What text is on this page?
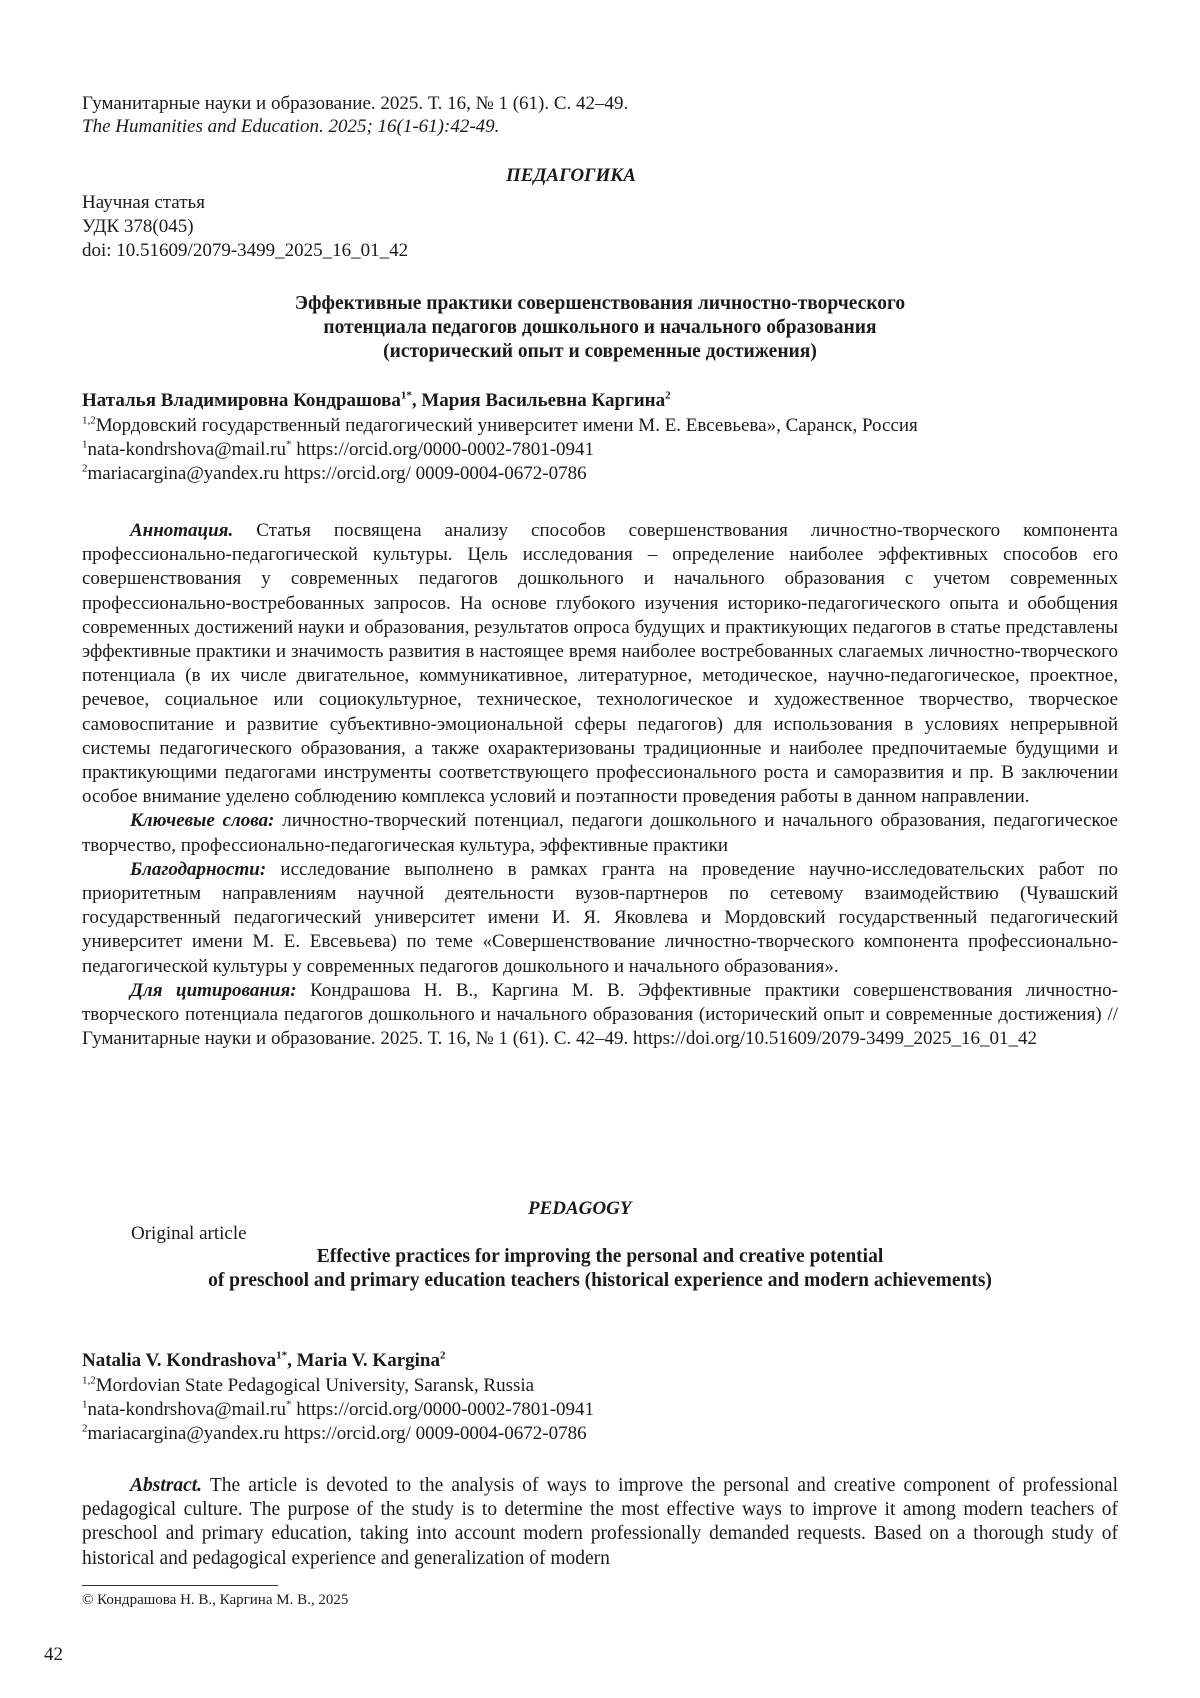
Гуманитарные науки и образование. 2025. Т. 16, № 1 (61). С. 42–49.
The Humanities and Education. 2025; 16(1-61):42-49.
ПЕДАГОГИКА
Научная статья
УДК 378(045)
doi: 10.51609/2079-3499_2025_16_01_42

Эффективные практики совершенствования личностно-творческого

потенциала педагогов дошкольного и начального образования

(исторический опыт и современные достижения)

Наталья Владимировна Кондрашова$^{1*}$, Мария Васильевна Каргина$^2$
$^{1,2}$Мордовский государственный педагогический университет имени М. Е. Евсевьева», Саранск, Россия
$^1$nata-kondrshova@mail.ru* https://orcid.org/0000-0002-7801-0941
$^2$mariacargina@yandex.ru https://orcid.org/ 0009-0004-0672-0786

Аннотация. Статья посвящена анализу способов совершенствования личностно-творческого компонента профессионально-педагогической культуры. Цель исследования – определение наиболее эффективных способов его совершенствования у современных педагогов дошкольного и начального образования с учетом современных профессионально-востребованных запросов. На основе глубокого изучения историко-педагогического опыта и обобщения современных достижений науки и образования, результатов опроса будущих и практикующих педагогов в статье представлены эффективные практики и значимость развития в настоящее время наиболее востребованных слагаемых личностно-творческого потенциала (в их числе двигательное, коммуникативное, литературное, методическое, научно-педагогическое, проектное, речевое, социальное или социокультурное, техническое, технологическое и художественное творчество, творческое самовоспитание и развитие субъективно-эмоциональной сферы педагогов) для использования в условиях непрерывной системы педагогического образования, а также охарактеризованы традиционные и наиболее предпочитаемые будущими и практикующими педагогами инструменты соответствующего профессионального роста и саморазвития и пр. В заключении особое внимание уделено соблюдению комплекса условий и поэтапности проведения работы в данном направлении.

Ключевые слова: личностно-творческий потенциал, педагоги дошкольного и начального образования, педагогическое творчество, профессионально-педагогическая культура, эффективные практики

Благодарности: исследование выполнено в рамках гранта на проведение научно-исследовательских работ по приоритетным направлениям научной деятельности вузов-партнеров по сетевому взаимодействию (Чувашский государственный педагогический университет имени И. Я. Яковлева и Мордовский государственный педагогический университет имени М. Е. Евсевьева) по теме «Совершенствование личностно-творческого компонента профессионально-педагогической культуры у современных педагогов дошкольного и начального образования».

Для цитирования: Кондрашова Н. В., Каргина М. В. Эффективные практики совершенствования личностно-творческого потенциала педагогов дошкольного и начального образования (исторический опыт и современные достижения) // Гуманитарные науки и образование. 2025. Т. 16, № 1 (61). С. 42–49. https://doi.org/10.51609/2079-3499_2025_16_01_42

PEDAGOGY
Original article

Effective practices for improving the personal and creative potential

of preschool and primary education teachers (historical experience and modern achievements)

Natalia V. Kondrashova$^{1*}$, Maria V. Kargina$^2$
$^{1,2}$Mordovian State Pedagogical University, Saransk, Russia
$^1$nata-kondrshova@mail.ru* https://orcid.org/0000-0002-7801-0941
$^2$mariacargina@yandex.ru https://orcid.org/ 0009-0004-0672-0786

Abstract. The article is devoted to the analysis of ways to improve the personal and creative component of professional pedagogical culture. The purpose of the study is to determine the most effective ways to improve it among modern teachers of preschool and primary education, taking into account modern professionally demanded requests. Based on a thorough study of historical and pedagogical experience and generalization of modern

© Кондрашова Н. В., Каргина М. В., 2025
42
